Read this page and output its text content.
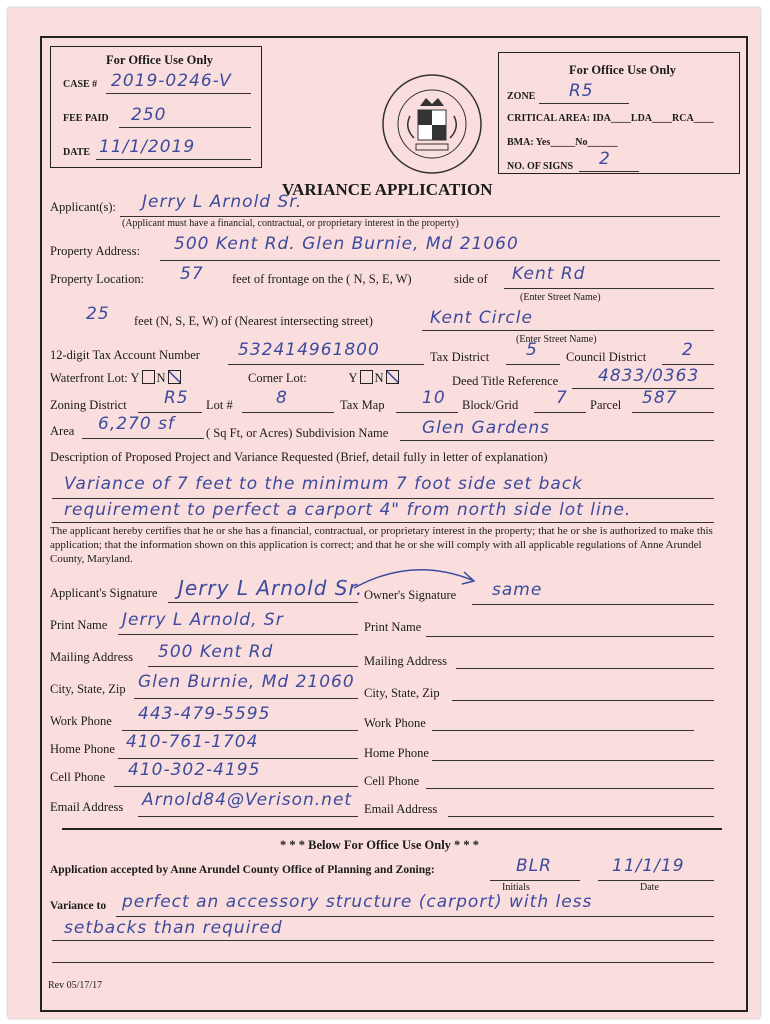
For Office Use Only
CASE # 2019-0246-V
FEE PAID 250
DATE 11/1/2019
For Office Use Only
ZONE R5
CRITICAL AREA: IDA____LDA____RCA____
BMA: Yes_____No______
NO. OF SIGNS 2
VARIANCE APPLICATION
Applicant(s): Jerry L Arnold Sr.
(Applicant must have a financial, contractual, or proprietary interest in the property)
Property Address: 500 Kent Rd. Glen Burnie, Md 21060
Property Location: 57 feet of frontage on the ( N, S, E, W)	side of Kent Rd
(Enter Street Name)
25 feet (N, S, E, W) of (Nearest intersecting street)	Kent Circle
(Enter Street Name)
12-digit Tax Account Number 532414961800	Tax District 5 Council District 2
Waterfront Lot: Y N	Corner Lot:	Y N	Deed Title Reference 4833/0363
Zoning District R5 Lot #	8	Tax Map 10 Block/Grid 7 Parcel 587
Area 6,270 sf ( Sq Ft, or Acres) Subdivision Name Glen Gardens
Description of Proposed Project and Variance Requested (Brief, detail fully in letter of explanation)
Variance of 7 feet to the minimum 7 foot side set back
requirement to perfect a carport 4" from north side lot line.
The applicant hereby certifies that he or she has a financial, contractual, or proprietary interest in the property; that he or she is authorized to make this application; that the information shown on this application is correct; and that he or she will comply with all applicable regulations of Anne Arundel County, Maryland.
Applicant's Signature Jerry L Arnold Sr. Owner's Signature same
Print Name Jerry L Arnold, Sr	Print Name
Mailing Address 500 Kent Rd	Mailing Address
City, State, Zip Glen Burnie, Md 21060
City, State, Zip
Work Phone 443-479-5595	Work Phone
Home Phone 410-761-1704
Home Phone
Cell Phone 410-302-4195
Cell Phone
Email Address Arnold84@Verison.net Email Address
* * * Below For Office Use Only * * *
Application accepted by Anne Arundel County Office of Planning and Zoning:	BLR
Initials
11/1/19
Date
Variance to perfect an accessory structure (carport) with less
setbacks than required
Rev 05/17/17
